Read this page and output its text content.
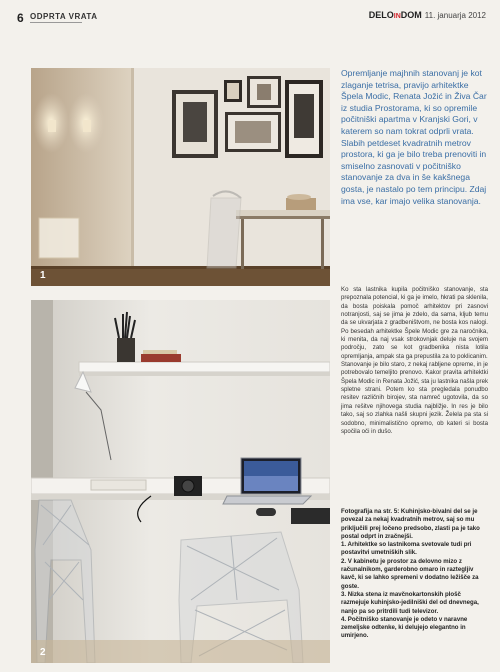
6 ODPRTA VRATA	DELOINDOM 11. januarja 2012
1
2

Opremljanje majhnih stanovanj je kot zlaganje tetrisa, pravijo arhitektke Špela Modic, Renata Jožić in Živa Čar iz studia Prostorama, ki so opremile počitniški apartma v Kranjski Gori, v katerem so nam tokrat odprli vrata. Slabih petdeset kvadratnih metrov prostora, ki ga je bilo treba prenoviti in smiselno zasnovati v počitniško stanovanje za dva in še kakšnega gosta, je nastalo po tem principu. Zdaj ima vse, kar imajo velika stanovanja.

Ko sta lastnika kupila počitniško stanovanje, sta prepoznala potencial, ki ga je imelo, hkrati pa sklenila, da bosta poiskala pomoč arhitektov pri zasnovi notranjosti, saj se jima je zdelo, da sama, kljub temu da se ukvarjata z gradbeništvom, ne bosta kos nalogi. Po besedah arhitektke Špele Modic gre za naročnika, ki menita, da naj vsak strokovnjak deluje na svojem področju, zato se kot gradbenika nista lotila opremljanja, ampak sta ga prepustila za to poklicanim.

Stanovanje je bilo staro, z nekaj rabljene opreme, in je potrebovalo temeljito prenovo. Kakor pravita arhitektki Špela Modic in Renata Jožić, sta ju lastnika našla prek spletne strani. Potem ko sta pregledala ponudbo resitev različnih birojev, sta namreč ugotovila, da so jima rešitve njihovega studia najbližje. In res je bilo tako, saj so zlahka našli skupni jezik. Želela pa sta si sodobno, minimalistično opremo, ob kateri si bosta spočila oči in dušo.

Fotografija na str. 5: Kuhinjsko-bivalni del se je povezal za nekaj kvadratnih metrov, saj so mu priključili prej ločeno predsobo, zlasti pa je tako postal odprt in zračnejši.

1. Arhitektke so lastnikoma svetovale tudi pri postavitvi umetniških slik.

2. V kabinetu je prostor za delovno mizo z računalnikom, garderobno omaro in raztegljiv kavč, ki se lahko spremeni v dodatno ležišče za goste.

3. Nizka stena iz mavčnokartonskih plošč razmejuje kuhinjsko-jedilniški del od dnevnega, nanjo pa so pritrdili tudi televizor.

4. Počitniško stanovanje je odeto v naravne zemeljske odtenke, ki delujejo elegantno in umirjeno.
